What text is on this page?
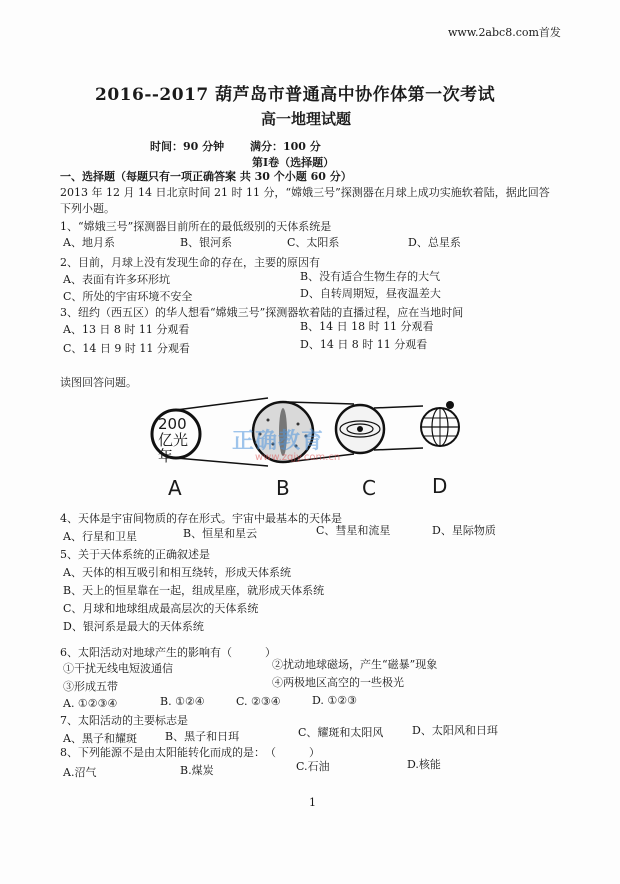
www.2abc8.com首发
2016--2017 葫芦岛市普通高中协作体第一次考试
高一地理试题
时间：90 分钟 满分：100 分
第Ⅰ卷（选择题）
一、选择题（每题只有一项正确答案 共 30 个小题 60 分）
2013 年 12 月 14 日北京时间 21 时 11 分，“嫦娥三号”探测器在月球上成功实施软着陆，据此回答
下列小题。
1、“嫦娥三号”探测器目前所在的最低级别的天体系统是
A、地月系	B、银河系	C、太阳系	D、总星系
2、目前，月球上没有发现生命的存在，主要的原因有
A、表面有许多环形坑	B、没有适合生物生存的大气
C、所处的宇宙环境不安全	D、自转周期短，昼夜温差大
3、纽约（西五区）的华人想看“嫦娥三号”探测器软着陆的直播过程，应在当地时间
A、13 日 8 时 11 分观看	B、14 日 18 时 11 分观看
C、14 日 9 时 11 分观看	D、14 日 8 时 11 分观看
读图回答问题。
200亿光年
A	B	C	D
正确教育
www.zqjy.com.cn
4、天体是宇宙间物质的存在形式。宇宙中最基本的天体是
A、行星和卫星	B、恒星和星云	C、彗星和流星	D、星际物质
5、关于天体系统的正确叙述是
A、天体的相互吸引和相互绕转，形成天体系统
B、天上的恒星靠在一起，组成星座，就形成天体系统
C、月球和地球组成最高层次的天体系统
D、银河系是最大的天体系统
6、太阳活动对地球产生的影响有（　　　）
①干扰无线电短波通信	②扰动地球磁场，产生“磁暴”现象
③形成五带	④两极地区高空的一些极光
A. ①②③④	B. ①②④	C. ②③④	D. ①②③
7、太阳活动的主要标志是
A、黑子和耀斑	B、黑子和日珥	C、耀斑和太阳风	D、太阳风和日珥
8、下列能源不是由太阳能转化而成的是：　（　　　）
A.沼气	B.煤炭	C.石油	D.核能
1
